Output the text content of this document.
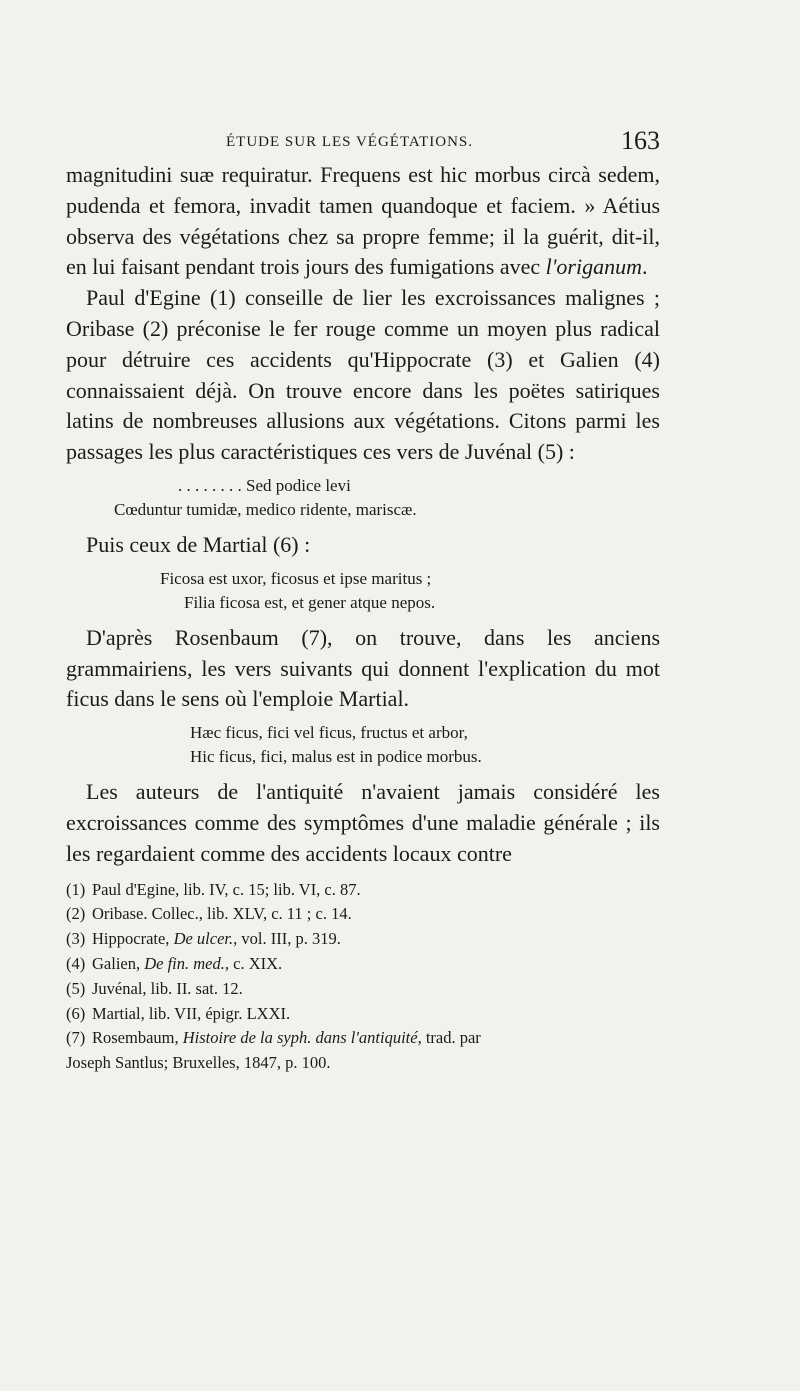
ÉTUDE SUR LES VÉGÉTATIONS.	163

magnitudini suæ requiratur. Frequens est hic morbus circà sedem, pudenda et femora, invadit tamen quandoque et faciem. » Aétius observa des végétations chez sa propre femme; il la guérit, dit-il, en lui faisant pendant trois jours des fumigations avec l'origanum.

Paul d'Egine (1) conseille de lier les excroissances malignes ; Oribase (2) préconise le fer rouge comme un moyen plus radical pour détruire ces accidents qu'Hippocrate (3) et Galien (4) connaissaient déjà. On trouve encore dans les poëtes satiriques latins de nombreuses allusions aux végétations. Citons parmi les passages les plus caractéristiques ces vers de Juvénal (5) :

. . . . . . . . Sed podice levi
Cœduntur tumidæ, medico ridente, mariscæ.

Puis ceux de Martial (6) :

Ficosa est uxor, ficosus et ipse maritus ;
Filia ficosa est, et gener atque nepos.

D'après Rosenbaum (7), on trouve, dans les anciens grammairiens, les vers suivants qui donnent l'explication du mot ficus dans le sens où l'emploie Martial.

Hæc ficus, fici vel ficus, fructus et arbor,
Hic ficus, fici, malus est in podice morbus.

Les auteurs de l'antiquité n'avaient jamais considéré les excroissances comme des symptômes d'une maladie générale ; ils les regardaient comme des accidents locaux contre

(1) Paul d'Egine, lib. IV, c. 15; lib. VI, c. 87.
(2) Oribase. Collec., lib. XLV, c. 11 ; c. 14.
(3) Hippocrate, De ulcer., vol. III, p. 319.
(4) Galien, De fin. med., c. XIX.
(5) Juvénal, lib. II. sat. 12.
(6) Martial, lib. VII, épigr. LXXI.
(7) Rosembaum, Histoire de la syph. dans l'antiquité, trad. par
Joseph Santlus; Bruxelles, 1847, p. 100.
